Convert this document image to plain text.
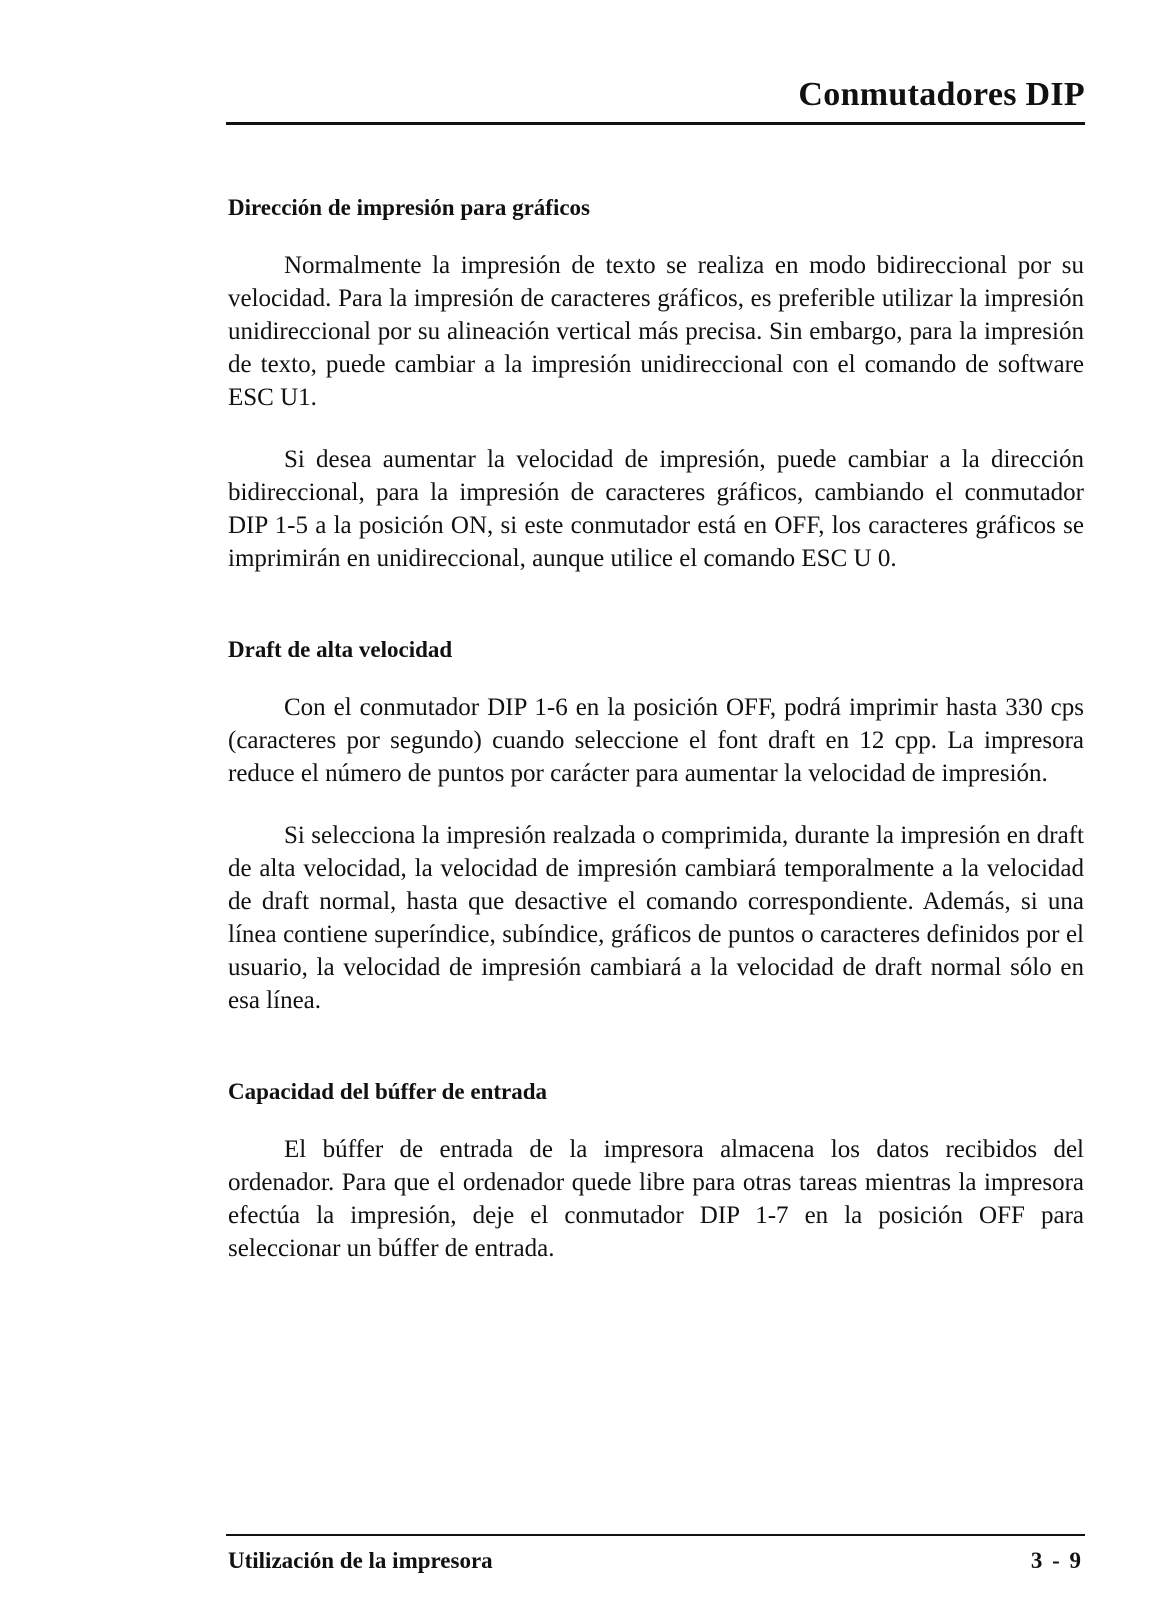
Conmutadores DIP
Dirección de impresión para gráficos

Normalmente la impresión de texto se realiza en modo bidireccional por su velocidad. Para la impresión de caracteres gráficos, es preferible utilizar la impresión unidireccional por su alineación vertical más precisa. Sin embargo, para la impresión de texto, puede cambiar a la impresión unidireccional con el comando de software ESC U1.

Si desea aumentar la velocidad de impresión, puede cambiar a la dirección bidireccional, para la impresión de caracteres gráficos, cambiando el conmutador DIP 1-5 a la posición ON, si este conmutador está en OFF, los caracteres gráficos se imprimirán en unidireccional, aunque utilice el comando ESC U 0.

Draft de alta velocidad

Con el conmutador DIP 1-6 en la posición OFF, podrá imprimir hasta 330 cps (caracteres por segundo) cuando seleccione el font draft en 12 cpp. La impresora reduce el número de puntos por carácter para aumentar la velocidad de impresión.

Si selecciona la impresión realzada o comprimida, durante la impresión en draft de alta velocidad, la velocidad de impresión cambiará temporalmente a la velocidad de draft normal, hasta que desactive el comando correspondiente. Además, si una línea contiene superíndice, subíndice, gráficos de puntos o caracteres definidos por el usuario, la velocidad de impresión cambiará a la velocidad de draft normal sólo en esa línea.

Capacidad del búffer de entrada

El búffer de entrada de la impresora almacena los datos recibidos del ordenador. Para que el ordenador quede libre para otras tareas mientras la impresora efectúa la impresión, deje el conmutador DIP 1-7 en la posición OFF para seleccionar un búffer de entrada.

Utilización de la impresora	3 - 9
